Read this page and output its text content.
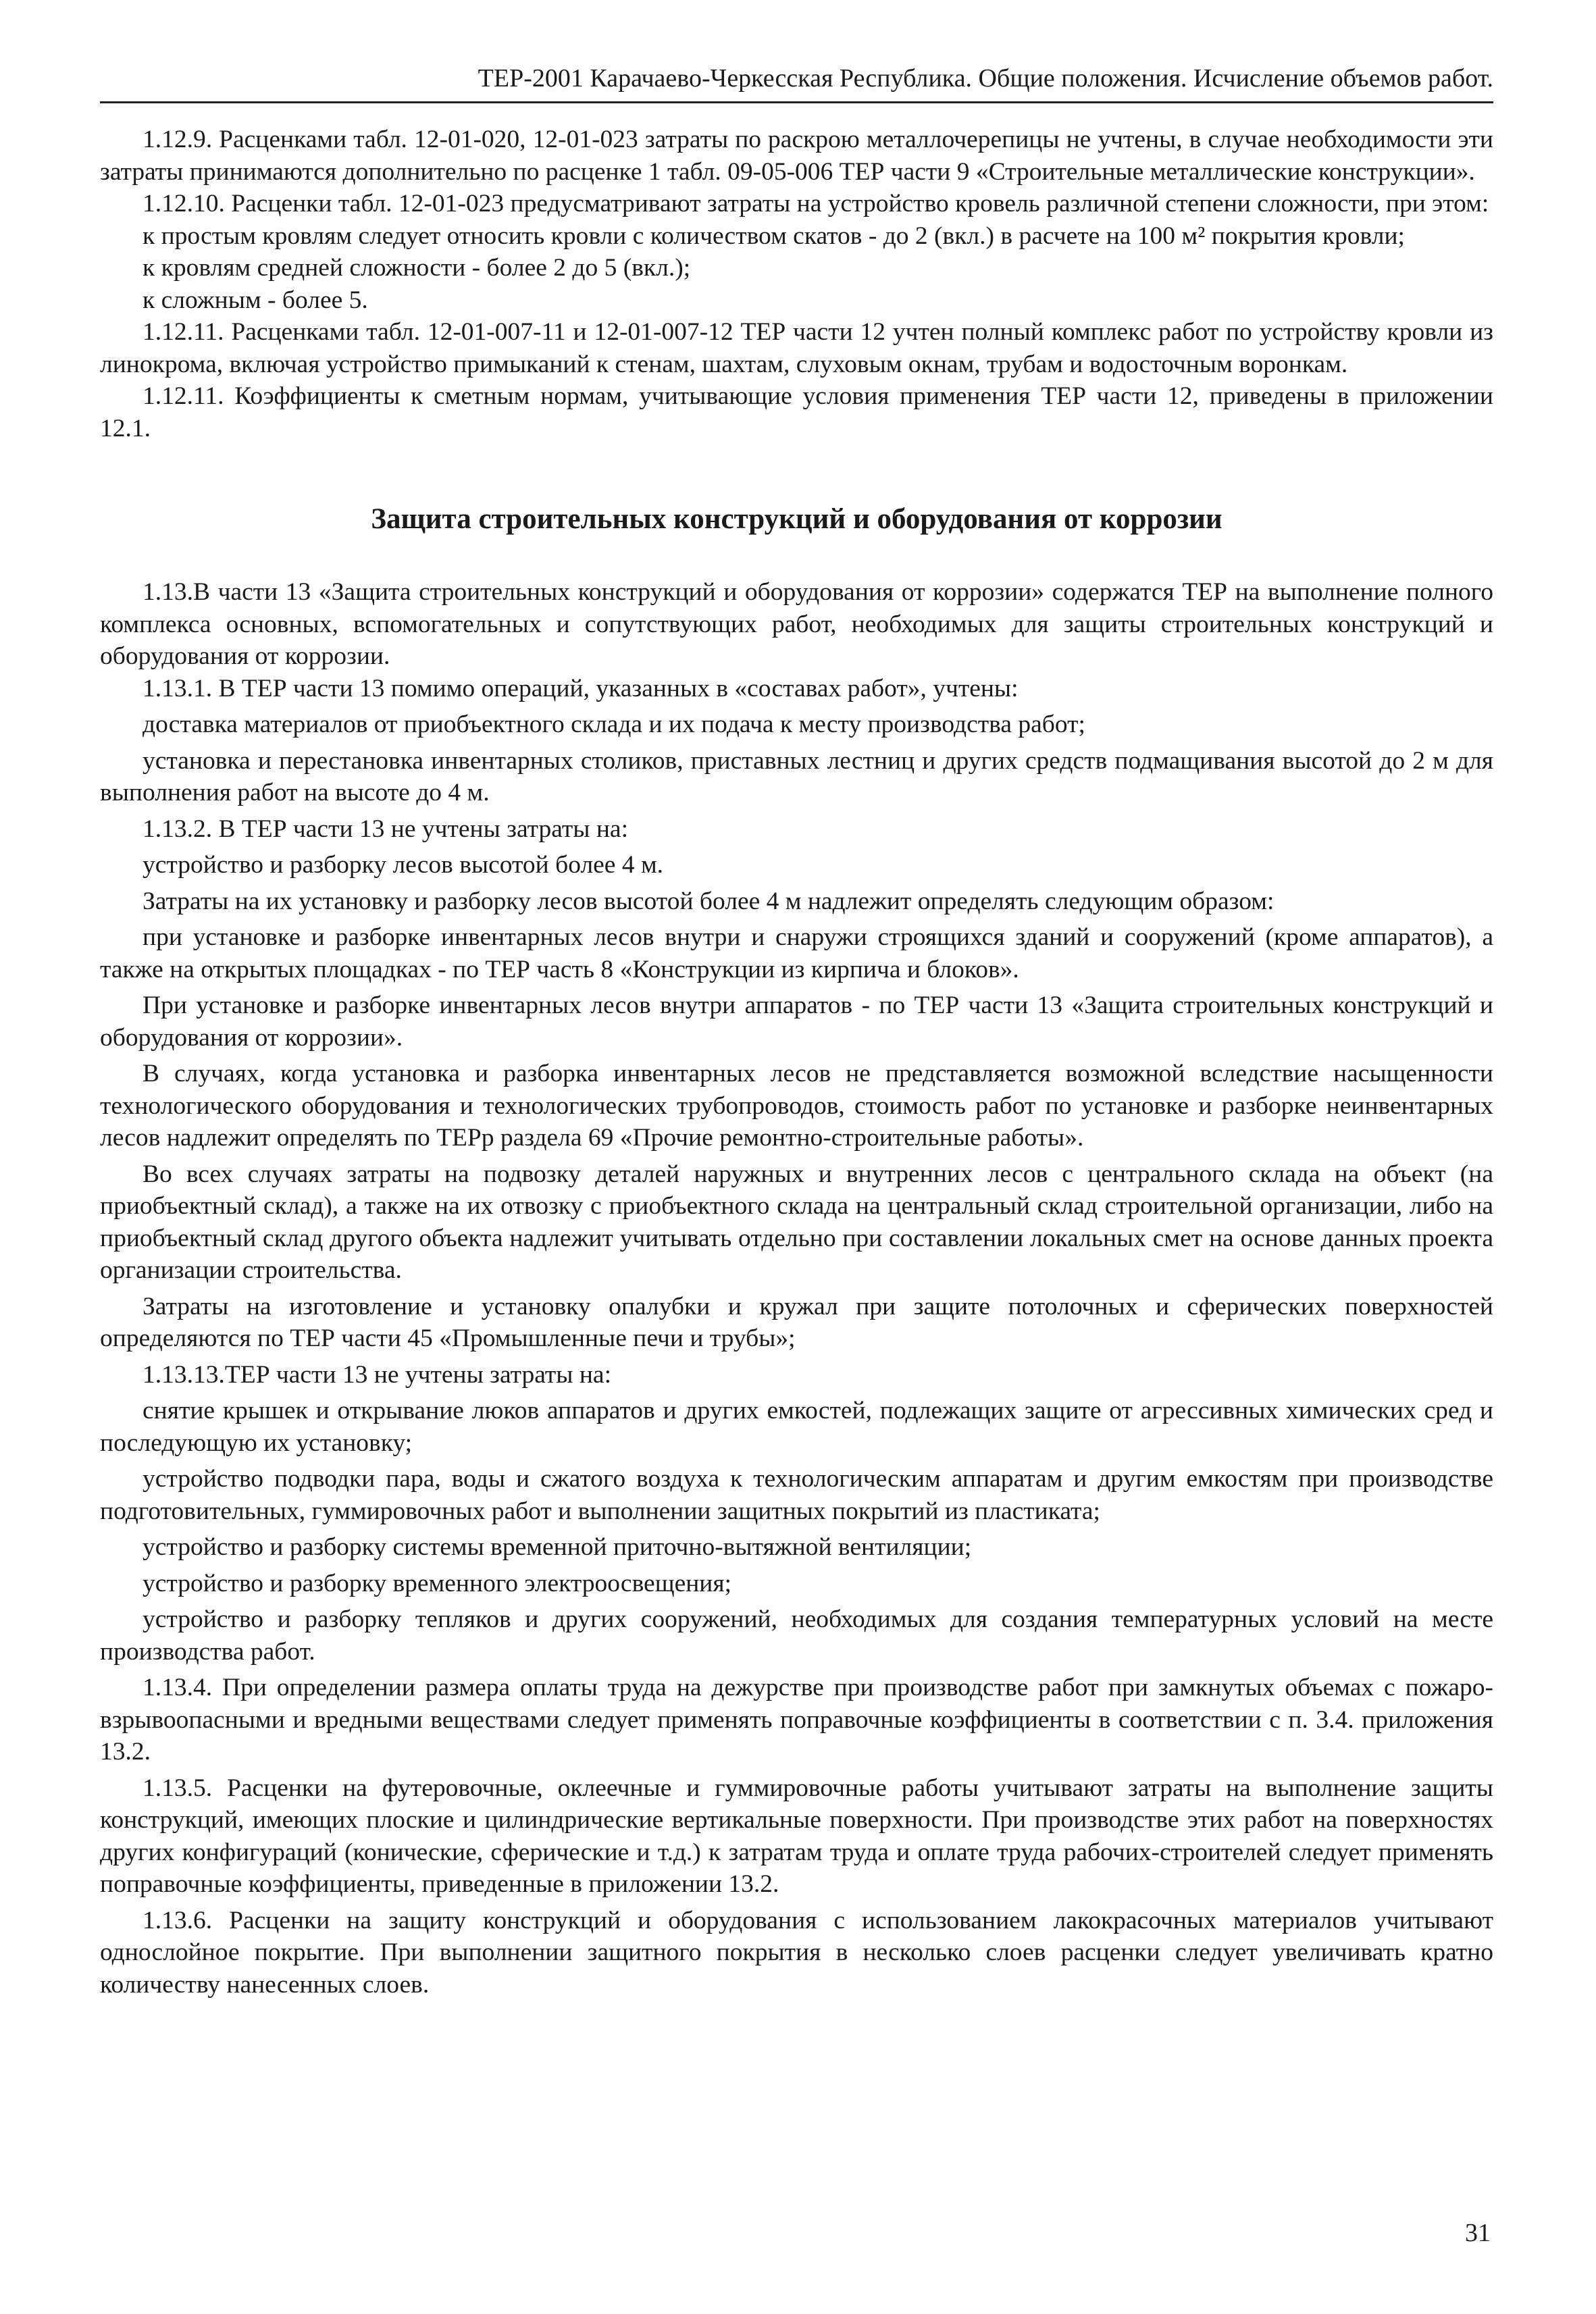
ТЕР-2001 Карачаево-Черкесская Республика. Общие положения. Исчисление объемов работ.

1.12.9. Расценками табл. 12-01-020, 12-01-023 затраты по раскрою металлочерепицы не учтены, в случае необходимости эти затраты принимаются дополнительно по расценке 1 табл. 09-05-006 ТЕР части 9 «Строительные металлические конструкции».

1.12.10. Расценки табл. 12-01-023 предусматривают затраты на устройство кровель различной степени сложности, при этом:

к простым кровлям следует относить кровли с количеством скатов - до 2 (вкл.) в расчете на 100 м² покрытия кровли;

к кровлям средней сложности - более 2 до 5 (вкл.);

к сложным - более 5.

1.12.11. Расценками табл. 12-01-007-11 и 12-01-007-12 ТЕР части 12 учтен полный комплекс работ по устройству кровли из линокрома, включая устройство примыканий к стенам, шахтам, слуховым окнам, трубам и водосточным воронкам.

1.12.11. Коэффициенты к сметным нормам, учитывающие условия применения ТЕР части 12, приведены в приложении 12.1.

Защита строительных конструкций и оборудования от коррозии

1.13.В части 13 «Защита строительных конструкций и оборудования от коррозии» содержатся ТЕР на выполнение полного комплекса основных, вспомогательных и сопутствующих работ, необходимых для защиты строительных конструкций и оборудования от коррозии.

1.13.1. В ТЕР части 13 помимо операций, указанных в «составах работ», учтены:

доставка материалов от приобъектного склада и их подача к месту производства работ;

установка и перестановка инвентарных столиков, приставных лестниц и других средств подмащивания высотой до 2 м для выполнения работ на высоте до 4 м.

1.13.2. В ТЕР части 13 не учтены затраты на:

устройство и разборку лесов высотой более 4 м.

Затраты на их установку и разборку лесов высотой более 4 м надлежит определять следующим образом:

при установке и разборке инвентарных лесов внутри и снаружи строящихся зданий и сооружений (кроме аппаратов), а также на открытых площадках - по ТЕР часть 8 «Конструкции из кирпича и блоков».

При установке и разборке инвентарных лесов внутри аппаратов - по ТЕР части 13 «Защита строительных конструкций и оборудования от коррозии».

В случаях, когда установка и разборка инвентарных лесов не представляется возможной вследствие насыщенности технологического оборудования и технологических трубопроводов, стоимость работ по установке и разборке неинвентарных лесов надлежит определять по ТЕРр раздела 69 «Прочие ремонтно-строительные работы».

Во всех случаях затраты на подвозку деталей наружных и внутренних лесов с центрального склада на объект (на приобъектный склад), а также на их отвозку с приобъектного склада на центральный склад строительной организации, либо на приобъектный склад другого объекта надлежит учитывать отдельно при составлении локальных смет на основе данных проекта организации строительства.

Затраты на изготовление и установку опалубки и кружал при защите потолочных и сферических поверхностей определяются по ТЕР части 45 «Промышленные печи и трубы»;

1.13.13.ТЕР части 13 не учтены затраты на:

снятие крышек и открывание люков аппаратов и других емкостей, подлежащих защите от агрессивных химических сред и последующую их установку;

устройство подводки пара, воды и сжатого воздуха к технологическим аппаратам и другим емкостям при производстве подготовительных, гуммировочных работ и выполнении защитных покрытий из пластиката;

устройство и разборку системы временной приточно-вытяжной вентиляции;

устройство и разборку временного электроосвещения;

устройство и разборку тепляков и других сооружений, необходимых для создания температурных условий на месте производства работ.

1.13.4. При определении размера оплаты труда на дежурстве при производстве работ при замкнутых объемах с пожаро-взрывоопасными и вредными веществами следует применять поправочные коэффициенты в соответствии с п. 3.4. приложения 13.2.

1.13.5. Расценки на футеровочные, оклеечные и гуммировочные работы учитывают затраты на выполнение защиты конструкций, имеющих плоские и цилиндрические вертикальные поверхности. При производстве этих работ на поверхностях других конфигураций (конические, сферические и т.д.) к затратам труда и оплате труда рабочих-строителей следует применять поправочные коэффициенты, приведенные в приложении 13.2.

1.13.6. Расценки на защиту конструкций и оборудования с использованием лакокрасочных материалов учитывают однослойное покрытие. При выполнении защитного покрытия в несколько слоев расценки следует увеличивать кратно количеству нанесенных слоев.

31
